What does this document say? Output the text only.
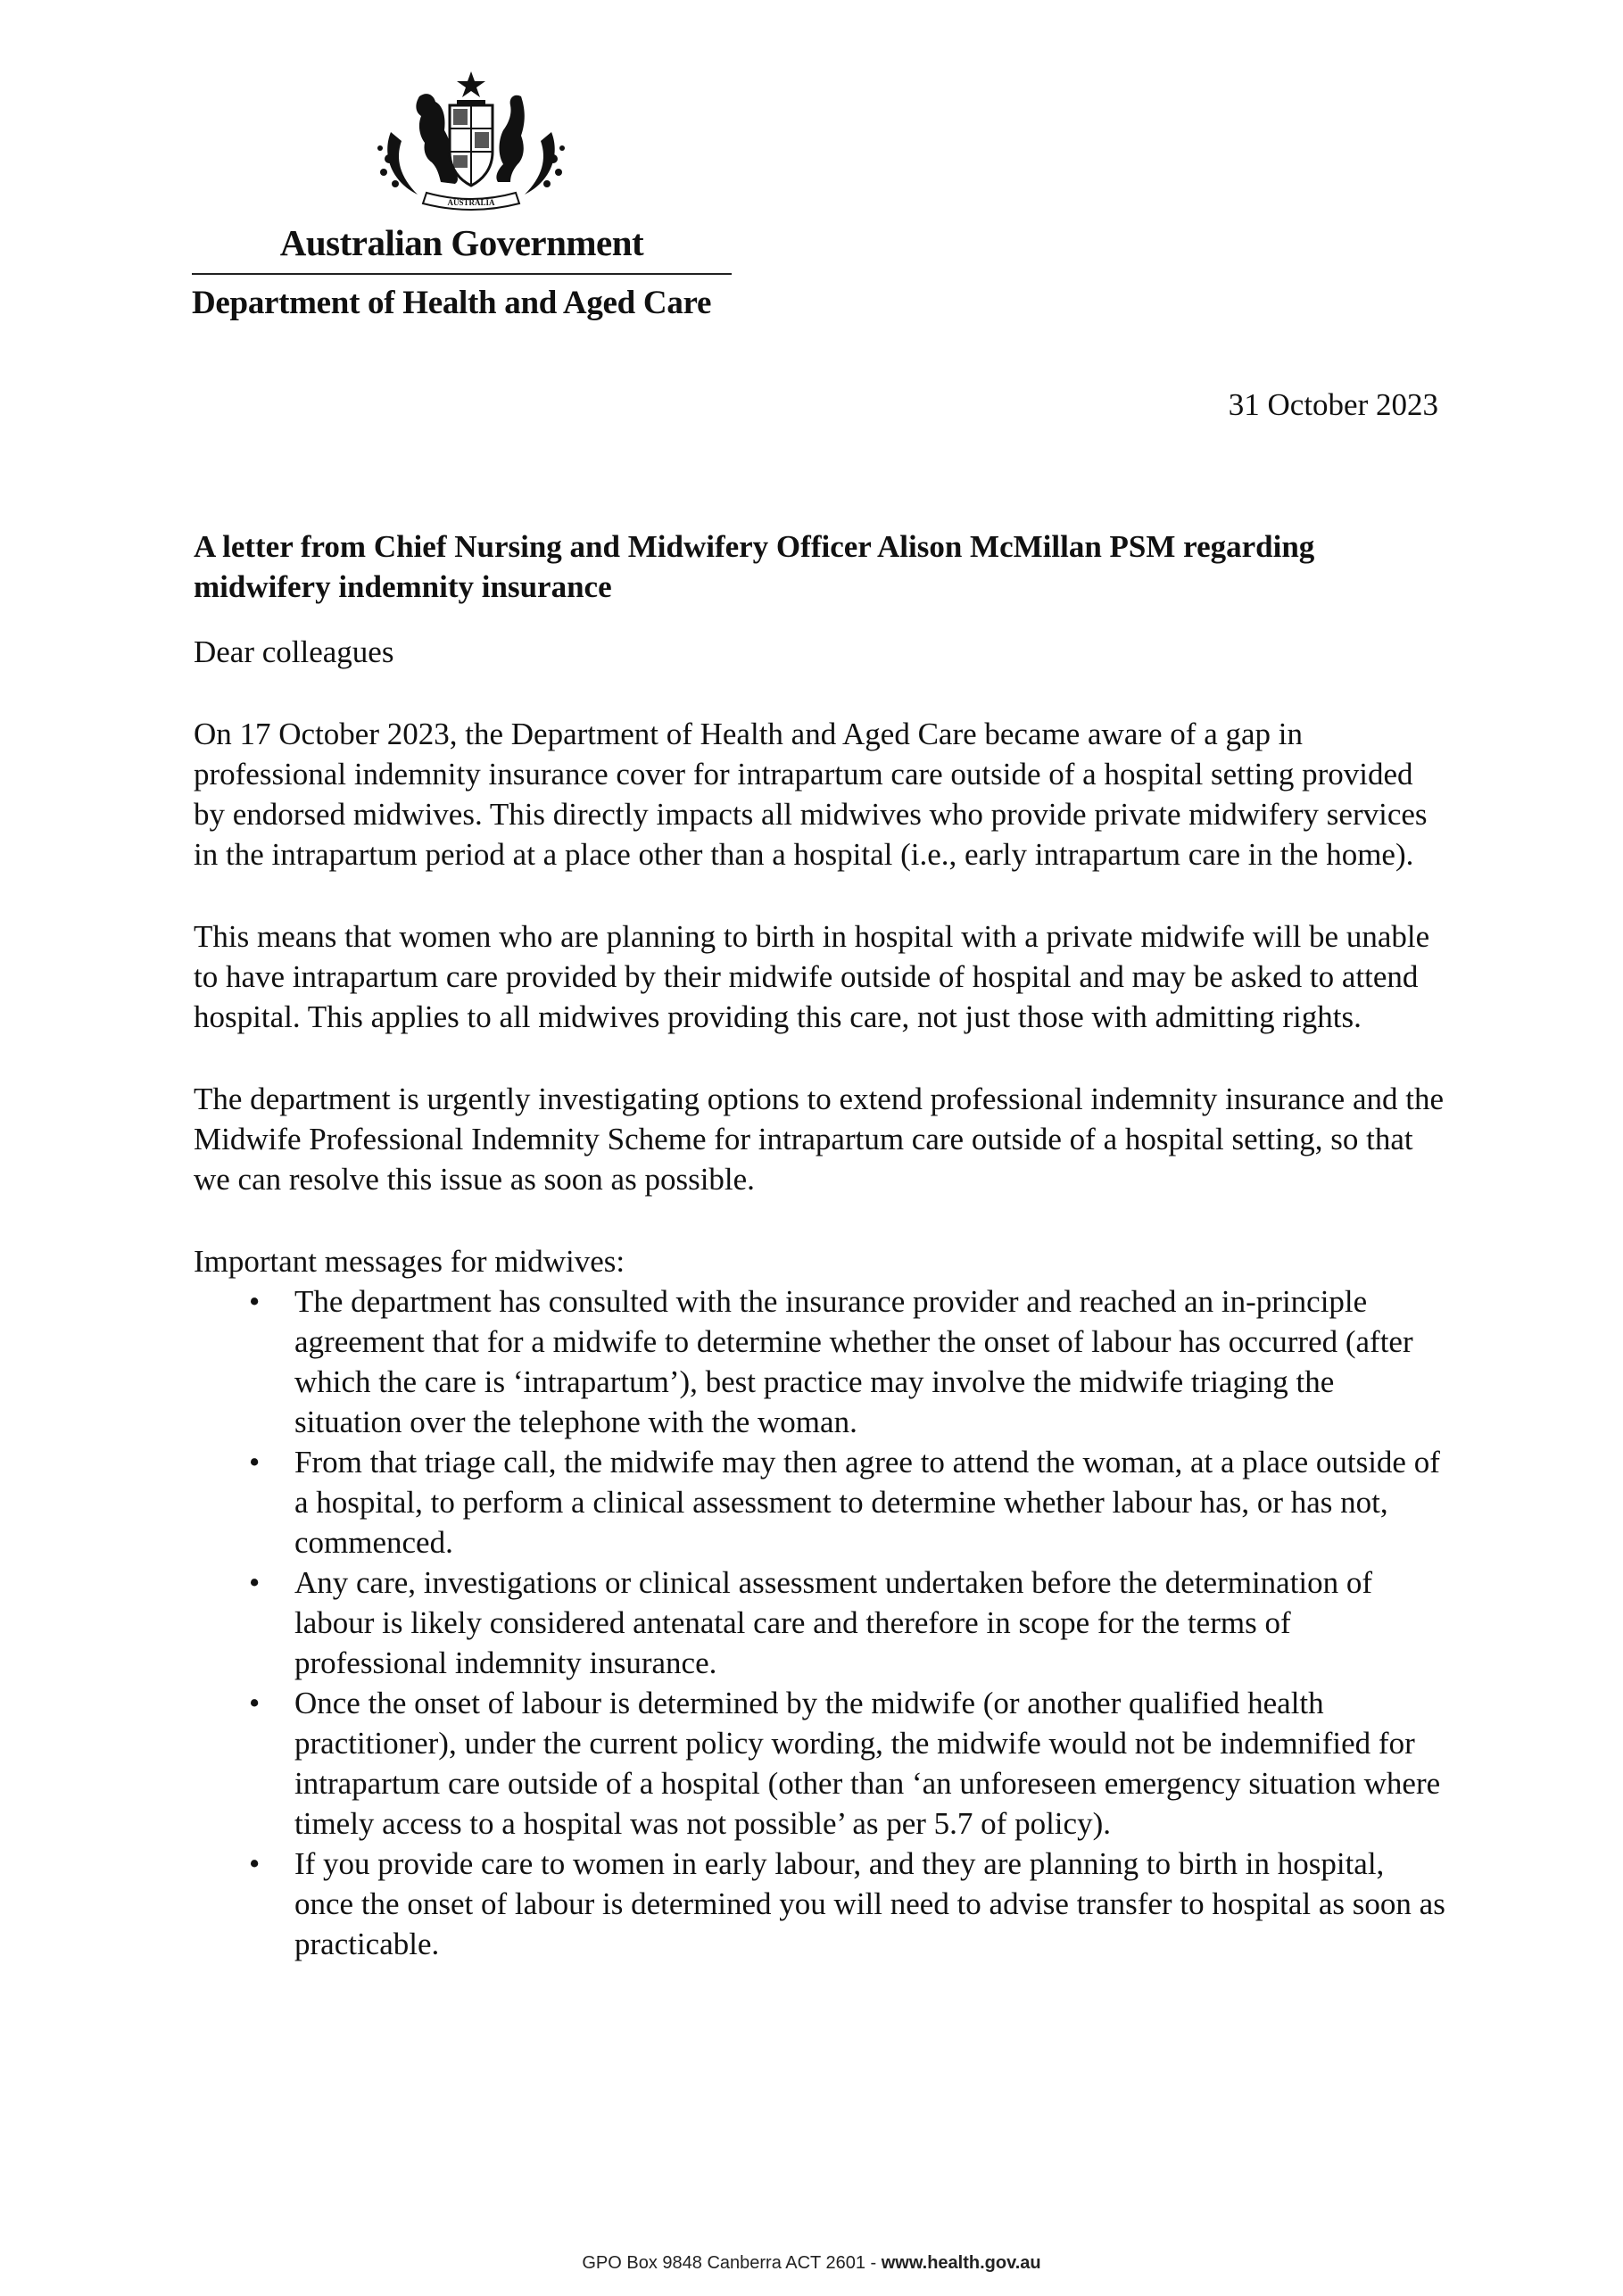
AUSTRALIA
Australian Government
Department of Health and Aged Care
31 October 2023

A letter from Chief Nursing and Midwifery Officer Alison McMillan PSM regarding midwifery indemnity insurance

Dear colleagues

On 17 October 2023, the Department of Health and Aged Care became aware of a gap in professional indemnity insurance cover for intrapartum care outside of a hospital setting provided by endorsed midwives. This directly impacts all midwives who provide private midwifery services in the intrapartum period at a place other than a hospital (i.e., early intrapartum care in the home).

This means that women who are planning to birth in hospital with a private midwife will be unable to have intrapartum care provided by their midwife outside of hospital and may be asked to attend hospital. This applies to all midwives providing this care, not just those with admitting rights.

The department is urgently investigating options to extend professional indemnity insurance and the Midwife Professional Indemnity Scheme for intrapartum care outside of a hospital setting, so that we can resolve this issue as soon as possible.

Important messages for midwives:

• The department has consulted with the insurance provider and reached an in-principle agreement that for a midwife to determine whether the onset of labour has occurred (after which the care is ‘intrapartum’), best practice may involve the midwife triaging the situation over the telephone with the woman.
• From that triage call, the midwife may then agree to attend the woman, at a place outside of a hospital, to perform a clinical assessment to determine whether labour has, or has not, commenced.
• Any care, investigations or clinical assessment undertaken before the determination of labour is likely considered antenatal care and therefore in scope for the terms of professional indemnity insurance.
• Once the onset of labour is determined by the midwife (or another qualified health practitioner), under the current policy wording, the midwife would not be indemnified for intrapartum care outside of a hospital (other than ‘an unforeseen emergency situation where timely access to a hospital was not possible’ as per 5.7 of policy).
• If you provide care to women in early labour, and they are planning to birth in hospital, once the onset of labour is determined you will need to advise transfer to hospital as soon as practicable.
GPO Box 9848 Canberra ACT 2601 - www.health.gov.au
